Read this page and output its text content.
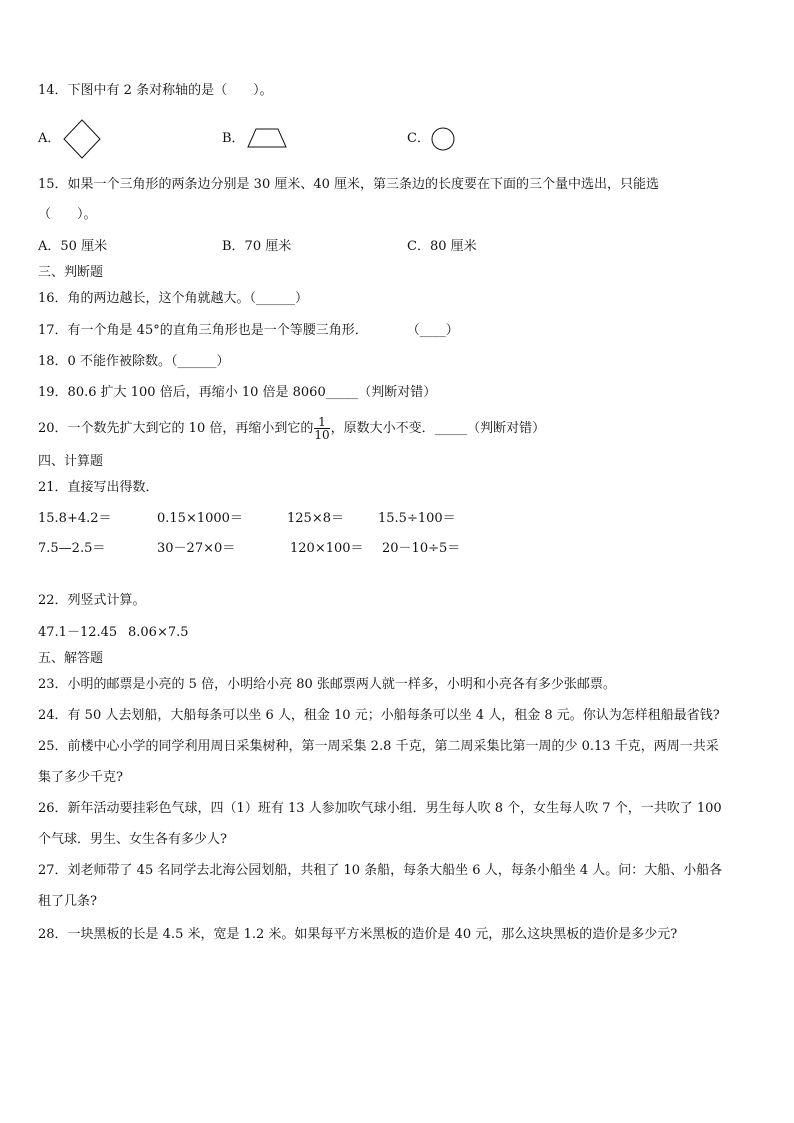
14．下图中有 2 条对称轴的是（　　）。
A．	B．	C．
15．如果一个三角形的两条边分别是 30 厘米、40 厘米，第三条边的长度要在下面的三个量中选出，只能选
（　　）。
A．50 厘米	B．70 厘米	C．80 厘米
三、判断题
16．角的两边越长，这个角就越大。（______）
17．有一个角是 45°的直角三角形也是一个等腰三角形．　　　　（____）
18．0 不能作被除数。（______）
19．80.6 扩大 100 倍后，再缩小 10 倍是 8060_____（判断对错）
20．一个数先扩大到它的 10 倍，再缩小到它的 $\frac{1}{10}$ ，原数大小不变．_____（判断对错）
四、计算题
21．直接写出得数．
15.8+4.2＝	0.15×1000＝	125×8＝	15.5÷100＝
7.5—2.5＝	30－27×0＝	120×100＝ 20－10÷5＝
22．列竖式计算。
47.1－12.45 8.06×7.5
五、解答题
23．小明的邮票是小亮的 5 倍，小明给小亮 80 张邮票两人就一样多，小明和小亮各有多少张邮票。
24．有 50 人去划船，大船每条可以坐 6 人，租金 10 元；小船每条可以坐 4 人，租金 8 元。你认为怎样租船最省钱?
25．前楼中心小学的同学利用周日采集树种，第一周采集 2.8 千克，第二周采集比第一周的少 0.13 千克，两周一共采
集了多少千克?
26．新年活动要挂彩色气球，四（1）班有 13 人参加吹气球小组．男生每人吹 8 个，女生每人吹 7 个，一共吹了 100
个气球．男生、女生各有多少人?
27．刘老师带了 45 名同学去北海公园划船，共租了 10 条船，每条大船坐 6 人，每条小船坐 4 人。问：大船、小船各
租了几条?
28．一块黑板的长是 4.5 米，宽是 1.2 米。如果每平方米黑板的造价是 40 元，那么这块黑板的造价是多少元?
